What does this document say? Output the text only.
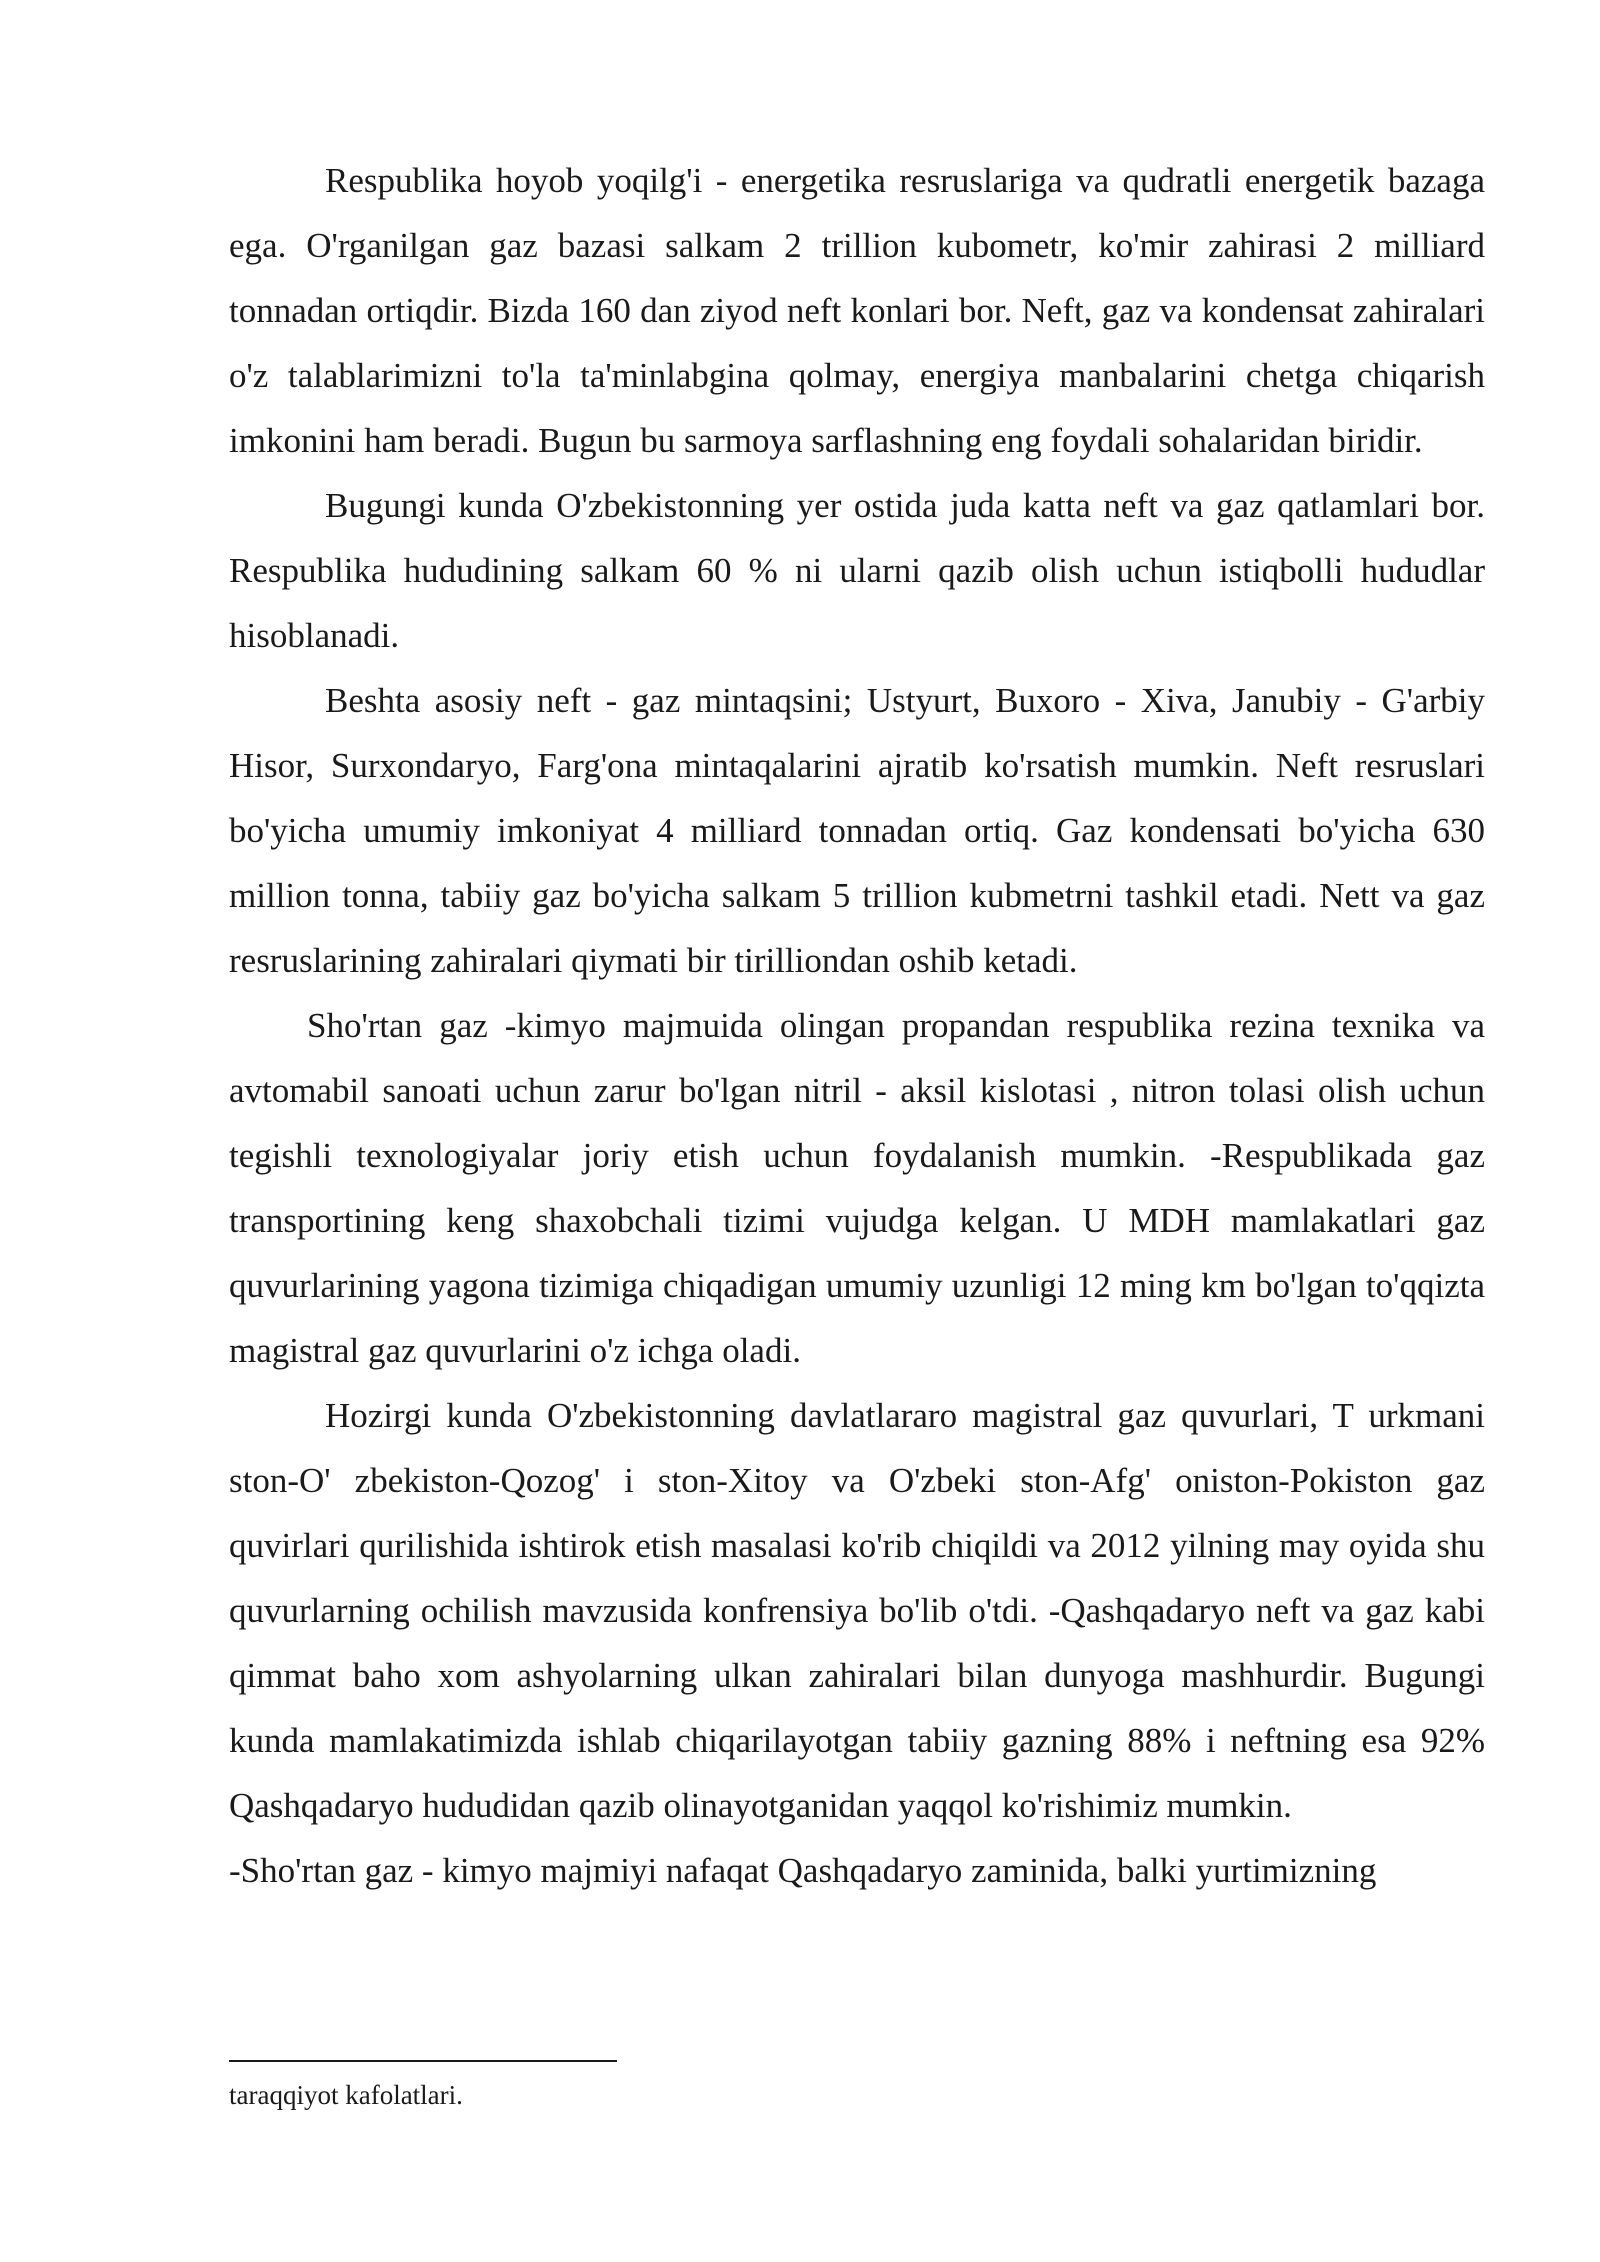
Respublika hoyob yoqilg'i - energetika resruslariga va qudratli energetik bazaga ega. O'rganilgan gaz bazasi salkam 2 trillion kubometr, ko'mir zahirasi 2 milliard tonnadan ortiqdir. Bizda 160 dan ziyod neft konlari bor. Neft, gaz va kondensat zahiralari o'z talablarimizni to'la ta'minlabgina qolmay, energiya manbalarini chetga chiqarish imkonini ham beradi. Bugun bu sarmoya sarflashning eng foydali sohalaridan biridir.

Bugungi kunda O'zbekistonning yer ostida juda katta neft va gaz qatlamlari bor. Respublika hududining salkam 60 % ni ularni qazib olish uchun istiqbolli hududlar hisoblanadi.

Beshta asosiy neft - gaz mintaqsini; Ustyurt, Buxoro - Xiva, Janubiy - G'arbiy Hisor, Surxondaryo, Farg'ona mintaqalarini ajratib ko'rsatish mumkin. Neft resruslari bo'yicha umumiy imkoniyat 4 milliard tonnadan ortiq. Gaz kondensati bo'yicha 630 million tonna, tabiiy gaz bo'yicha salkam 5 trillion kubmetrni tashkil etadi. Nett va gaz resruslarining zahiralari qiymati bir tirilliondan oshib ketadi.

Sho'rtan gaz -kimyo majmuida olingan propandan respublika rezina texnika va avtomabil sanoati uchun zarur bo'lgan nitril - aksil kislotasi , nitron tolasi olish uchun tegishli texnologiyalar joriy etish uchun foydalanish mumkin. -Respublikada gaz transportining keng shaxobchali tizimi vujudga kelgan. U MDH mamlakatlari gaz quvurlarining yagona tizimiga chiqadigan umumiy uzunligi 12 ming km bo'lgan to'qqizta magistral gaz quvurlarini o'z ichga oladi.

Hozirgi kunda O'zbekistonning davlatlararo magistral gaz quvurlari, T urkmani ston-O' zbekiston-Qozog' i ston-Xitoy va O'zbeki ston-Afg' oniston-Pokiston gaz quvirlari qurilishida ishtirok etish masalasi ko'rib chiqildi va 2012 yilning may oyida shu quvurlarning ochilish mavzusida konfrensiya bo'lib o'tdi. -Qashqadaryo neft va gaz kabi qimmat baho xom ashyolarning ulkan zahiralari bilan dunyoga mashhurdir. Bugungi kunda mamlakatimizda ishlab chiqarilayotgan tabiiy gazning 88% i neftning esa 92% Qashqadaryo hududidan qazib olinayotganidan yaqqol ko'rishimiz mumkin.

-Sho'rtan gaz - kimyo majmiyi nafaqat Qashqadaryo zaminida, balki yurtimizning

taraqqiyot kafolatlari.
